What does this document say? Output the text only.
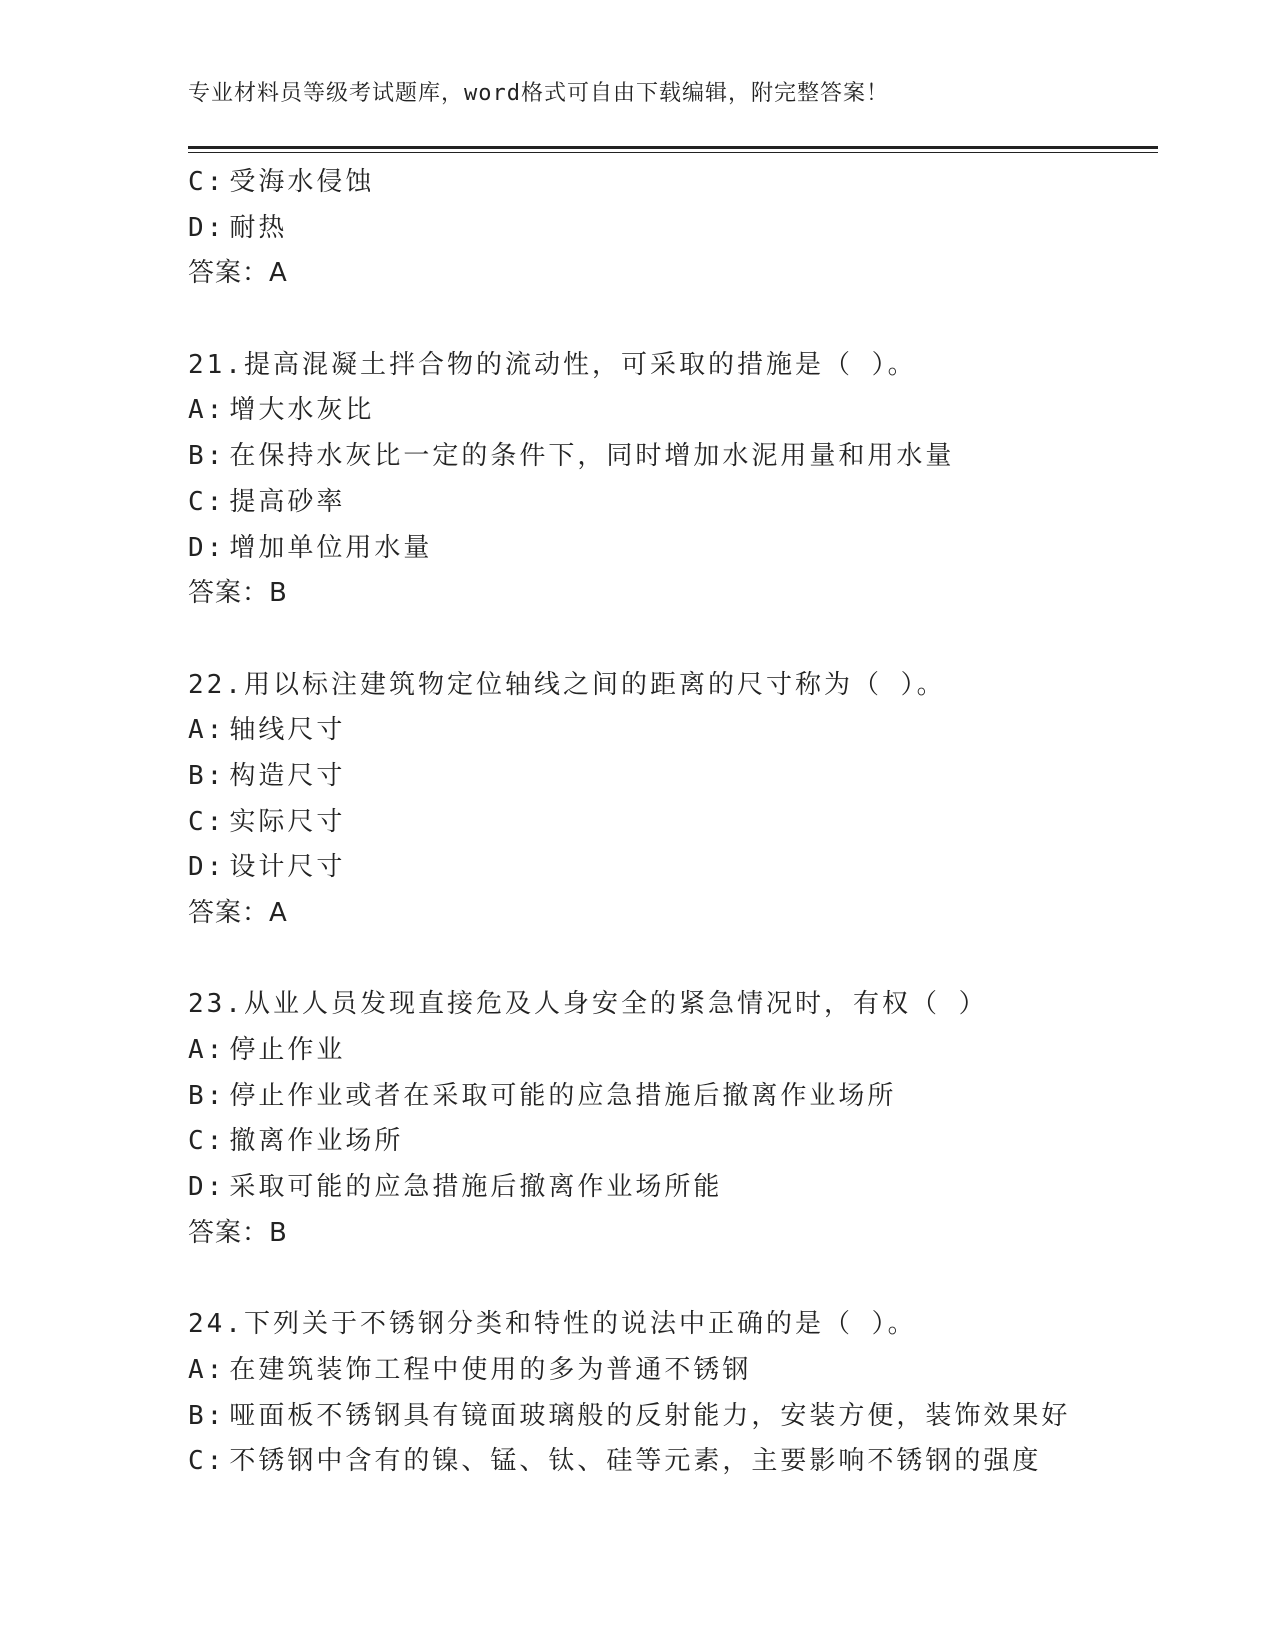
专业材料员等级考试题库，word格式可自由下载编辑，附完整答案！
C: 受海水侵蚀
D: 耐热
答案：A
21.提高混凝土拌合物的流动性，可采取的措施是（ ）。
A: 增大水灰比
B: 在保持水灰比一定的条件下，同时增加水泥用量和用水量
C: 提高砂率
D: 增加单位用水量
答案：B
22.用以标注建筑物定位轴线之间的距离的尺寸称为（ ）。
A: 轴线尺寸
B: 构造尺寸
C: 实际尺寸
D: 设计尺寸
答案：A
23.从业人员发现直接危及人身安全的紧急情况时，有权（ ）
A: 停止作业
B: 停止作业或者在采取可能的应急措施后撤离作业场所
C: 撤离作业场所
D: 采取可能的应急措施后撤离作业场所能
答案：B
24.下列关于不锈钢分类和特性的说法中正确的是（ ）。
A: 在建筑装饰工程中使用的多为普通不锈钢
B: 哑面板不锈钢具有镜面玻璃般的反射能力，安装方便，装饰效果好
C: 不锈钢中含有的镍、锰、钛、硅等元素，主要影响不锈钢的强度
